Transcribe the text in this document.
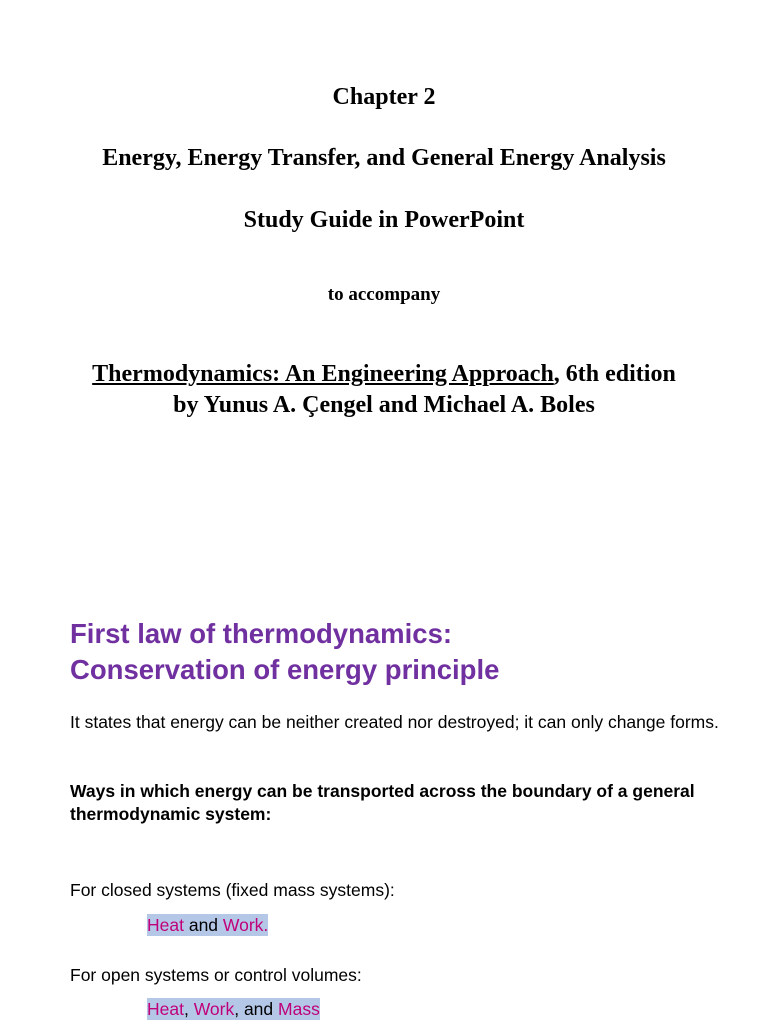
Chapter 2
Energy, Energy Transfer, and General Energy Analysis
Study Guide in PowerPoint
to accompany
Thermodynamics: An Engineering Approach, 6th edition
by Yunus A. Çengel and Michael A. Boles
First law of thermodynamics:
Conservation of energy principle
It states that energy can be neither created nor destroyed; it can only change forms.
Ways in which energy can be transported across the boundary of a general thermodynamic system:
For closed systems (fixed mass systems):
Heat and Work.
For open systems or control volumes:
Heat, Work, and Mass
